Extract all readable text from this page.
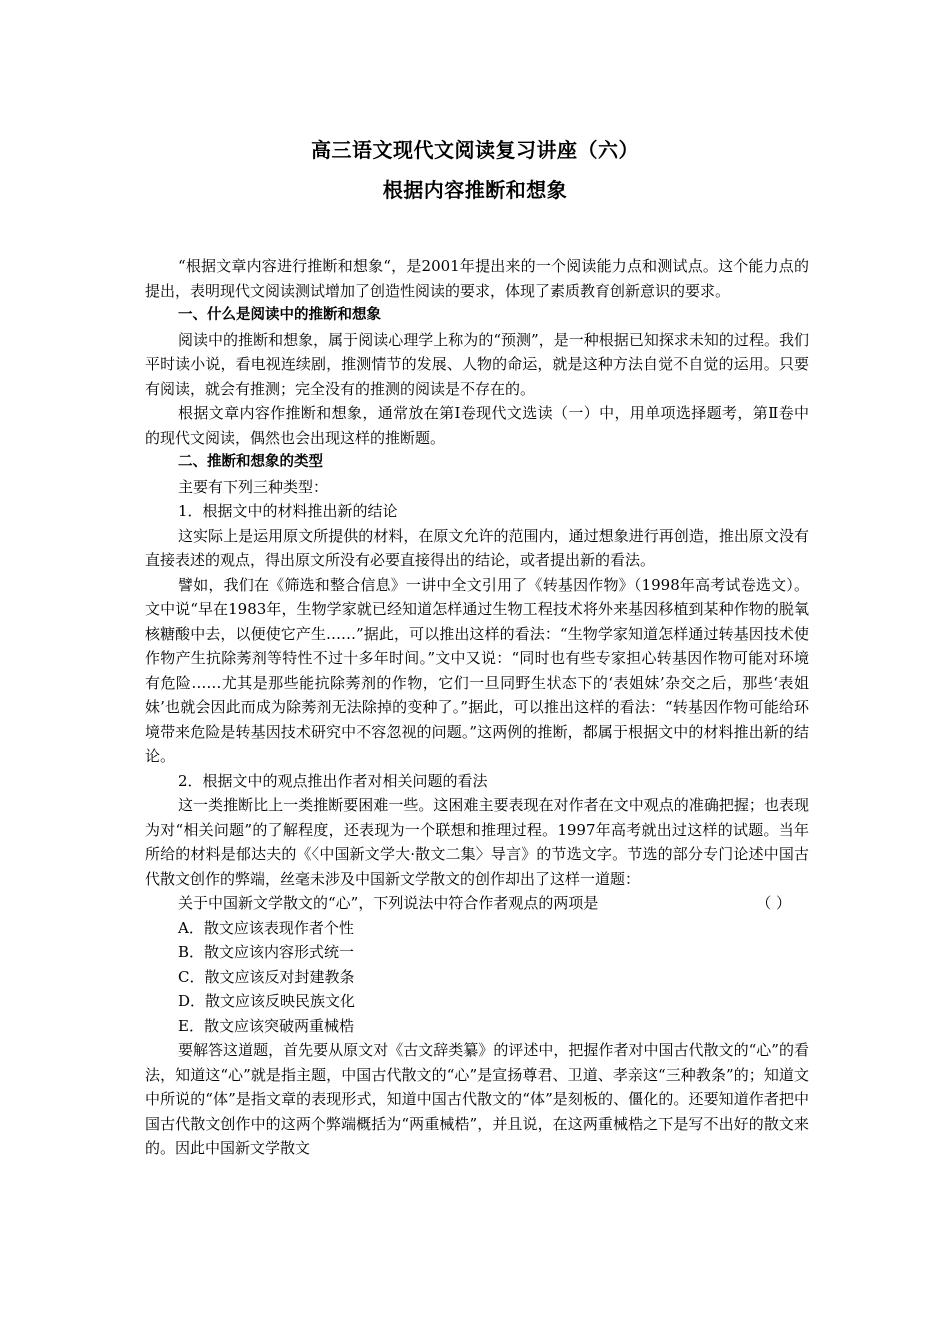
高三语文现代文阅读复习讲座（六）
根据内容推断和想象

“根据文章内容进行推断和想象“，是2001年提出来的一个阅读能力点和测试点。这个能力点的提出，表明现代文阅读测试增加了创造性阅读的要求，体现了素质教育创新意识的要求。

一、什么是阅读中的推断和想象

阅读中的推断和想象，属于阅读心理学上称为的“预测”，是一种根据已知探求未知的过程。我们平时读小说，看电视连续剧，推测情节的发展、人物的命运，就是这种方法自觉不自觉的运用。只要有阅读，就会有推测；完全没有的推测的阅读是不存在的。

根据文章内容作推断和想象，通常放在第Ⅰ卷现代文选读（一）中，用单项选择题考，第Ⅱ卷中的现代文阅读，偶然也会出现这样的推断题。

二、推断和想象的类型

主要有下列三种类型：

1．根据文中的材料推出新的结论

这实际上是运用原文所提供的材料，在原文允许的范围内，通过想象进行再创造，推出原文没有直接表述的观点，得出原文所没有必要直接得出的结论，或者提出新的看法。

譬如，我们在《筛选和整合信息》一讲中全文引用了《转基因作物》（1998年高考试卷选文）。文中说“早在1983年，生物学家就已经知道怎样通过生物工程技术将外来基因移植到某种作物的脱氧核糖酸中去，以便使它产生……”据此，可以推出这样的看法：“生物学家知道怎样通过转基因技术使作物产生抗除莠剂等特性不过十多年时间。”文中又说：“同时也有些专家担心转基因作物可能对环境有危险……尤其是那些能抗除莠剂的作物，它们一旦同野生状态下的‘表姐妹’杂交之后，那些‘表姐妹’也就会因此而成为除莠剂无法除掉的变种了。”据此，可以推出这样的看法：“转基因作物可能给环境带来危险是转基因技术研究中不容忽视的问题。”这两例的推断，都属于根据文中的材料推出新的结论。

2．根据文中的观点推出作者对相关问题的看法

这一类推断比上一类推断要困难一些。这困难主要表现在对作者在文中观点的准确把握；也表现为对“相关问题”的了解程度，还表现为一个联想和推理过程。1997年高考就出过这样的试题。当年所给的材料是郁达夫的《〈中国新文学大·散文二集〉导言》的节选文字。节选的部分专门论述中国古代散文创作的弊端，丝毫未涉及中国新文学散文的创作却出了这样一道题：

关于中国新文学散文的“心”，下列说法中符合作者观点的两项是	（ ）

A．散文应该表现作者个性

B．散文应该内容形式统一

C．散文应该反对封建教条

D．散文应该反映民族文化

E．散文应该突破两重械梏

要解答这道题，首先要从原文对《古文辞类纂》的评述中，把握作者对中国古代散文的“心”的看法，知道这“心”就是指主题，中国古代散文的“心”是宣扬尊君、卫道、孝亲这“三种教条”的；知道文中所说的“体”是指文章的表现形式，知道中国古代散文的“体”是刻板的、僵化的。还要知道作者把中国古代散文创作中的这两个弊端概括为“两重械梏”，并且说，在这两重械梏之下是写不出好的散文来的。因此中国新文学散文
